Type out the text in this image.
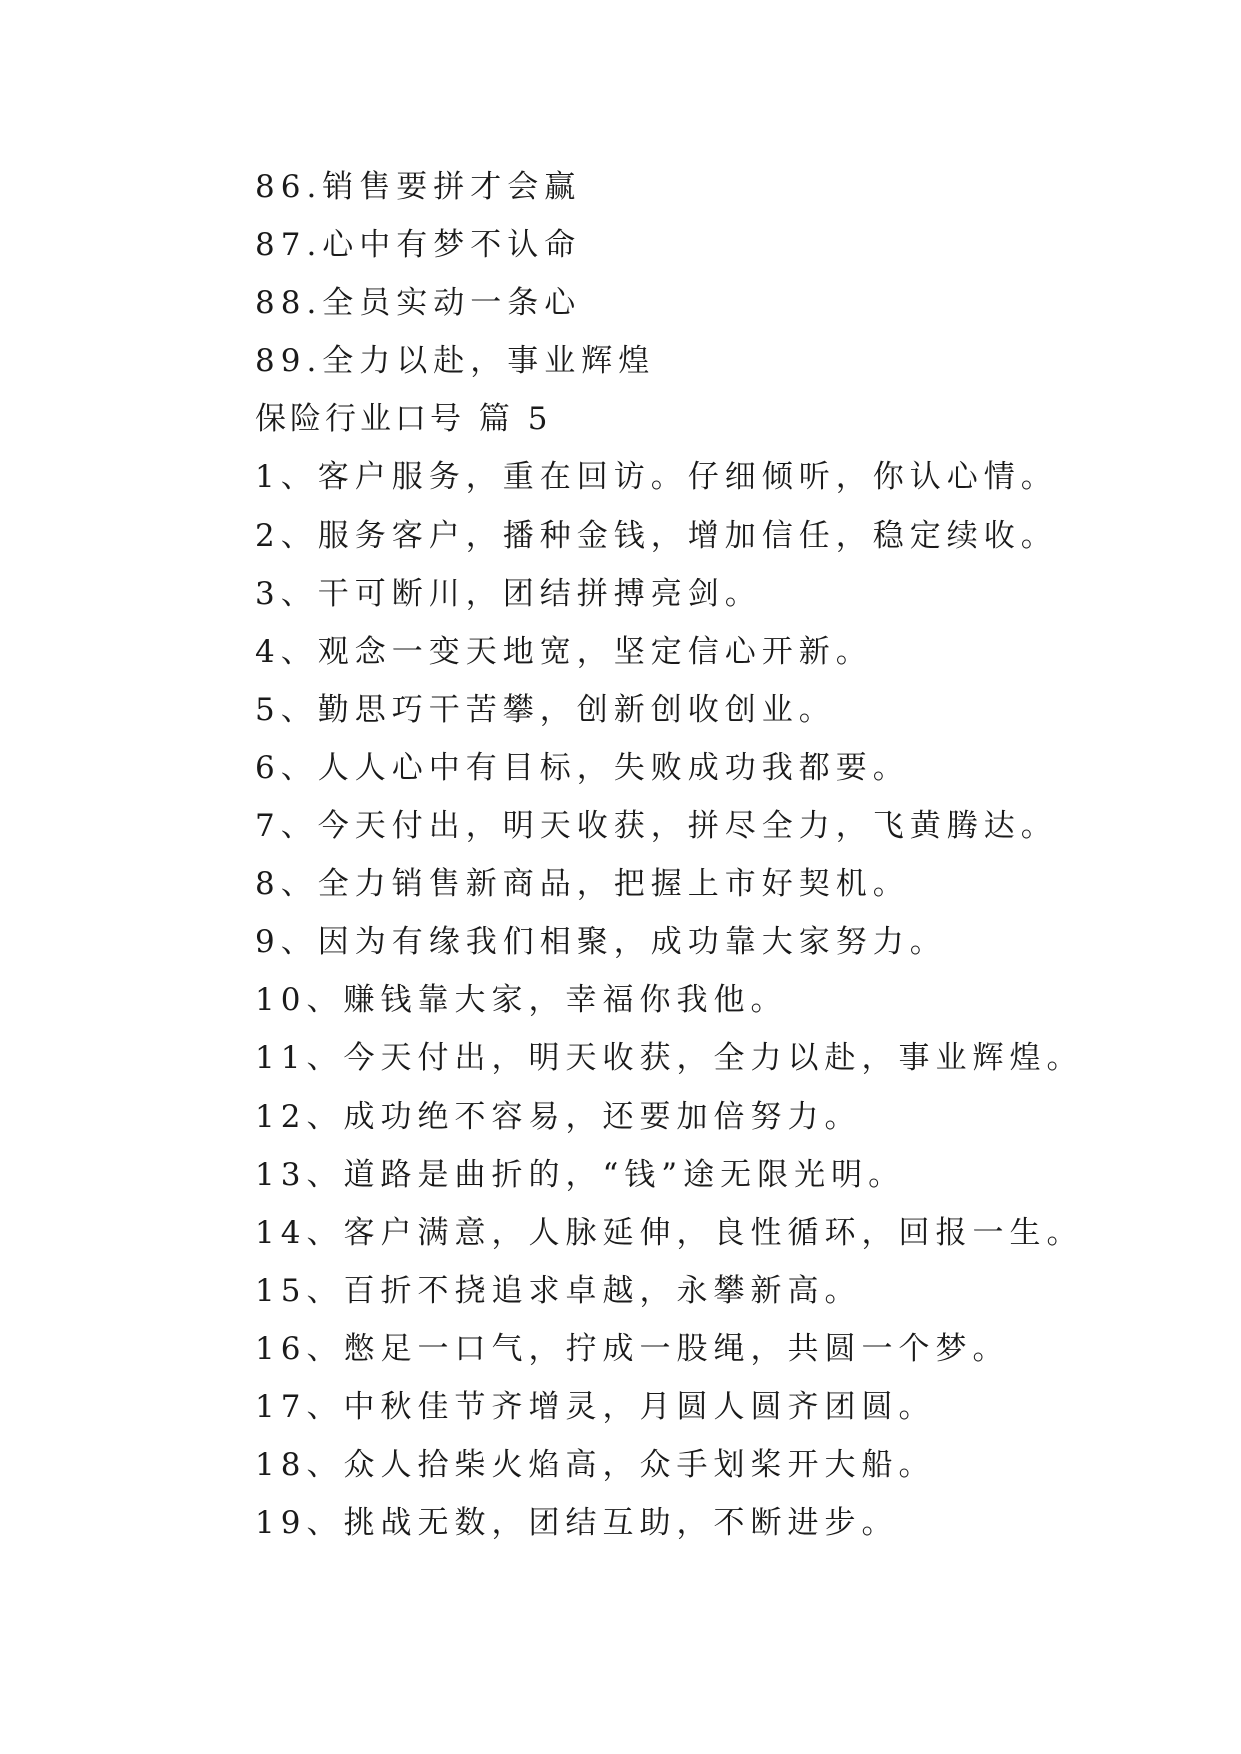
86.销售要拼才会赢
87.心中有梦不认命
88.全员实动一条心
89.全力以赴，事业辉煌
保险行业口号 篇 5
1、客户服务，重在回访。仔细倾听，你认心情。
2、服务客户，播种金钱，增加信任，稳定续收。
3、干可断川，团结拼搏亮剑。
4、观念一变天地宽，坚定信心开新。
5、勤思巧干苦攀，创新创收创业。
6、人人心中有目标，失败成功我都要。
7、今天付出，明天收获，拼尽全力，飞黄腾达。
8、全力销售新商品，把握上市好契机。
9、因为有缘我们相聚，成功靠大家努力。
10、赚钱靠大家，幸福你我他。
11、今天付出，明天收获，全力以赴，事业辉煌。
12、成功绝不容易，还要加倍努力。
13、道路是曲折的，“钱”途无限光明。
14、客户满意，人脉延伸，良性循环，回报一生。
15、百折不挠追求卓越，永攀新高。
16、憋足一口气，拧成一股绳，共圆一个梦。
17、中秋佳节齐增灵，月圆人圆齐团圆。
18、众人拾柴火焰高，众手划桨开大船。
19、挑战无数，团结互助，不断进步。
